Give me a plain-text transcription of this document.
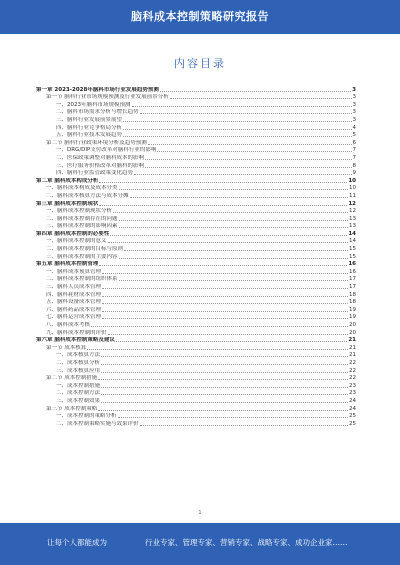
脑科成本控制策略研究报告
内容目录
第一章 2023-2028年脑科市场行业发展趋势预测	3
第一节 脑科行业市场规模预测及行业发展前景分析	3
一、2023年脑科市场规模预测	3
二、脑科市场需求分析与增长趋势	3
三、脑科行业发展前景展望	3
四、脑科行业竞争格局分析	4
五、脑科行业技术发展趋势	5
第二节 脑科行业政策环境分析及趋势预测	6
一、DRG/DIP支付改革对脑科行业的影响	7
二、医保政策调整对脑科成本的影响	7
三、医疗服务价格改革对脑科的影响	8
四、脑科行业监管政策变化趋势	9
第二章 脑科成本构成分析	10
一、脑科成本构成及成本分类	10
二、脑科成本核算方法与成本分摊	11
第三章 脑科成本控制现状	12
一、脑科成本控制现状分析	12
二、脑科成本控制存在的问题	13
三、脑科成本控制的影响因素	13
第四章 脑科成本控制的必要性	14
一、脑科成本控制的意义	14
二、脑科成本控制的目标与原则	15
三、脑科成本控制的主要内容	15
第五章 脑科成本控制管理	16
一、脑科成本预算管理	16
二、脑科成本控制的组织体系	17
三、脑科人员成本管理	17
四、脑科耗材成本管理	18
五、脑科设备成本管理	18
六、脑科药品成本管理	19
七、脑科运营成本管理	19
八、脑科成本考核	20
九、脑科成本控制的评价	20
第六章 脑科成本控制策略及建议	21
第一节 成本核算	21
一、成本核算方法	21
二、成本核算分析	22
三、成本核算应用	22
第二节 成本控制措施	22
一、成本控制措施	23
二、成本控制方法	23
三、成本控制效果	24
第三节 成本控制策略	24
一、成本控制的策略分析	25
二、成本控制策略实施与效果评价	25
1
让每个人都能成为	行业专家、管理专家、营销专家、战略专家、成功企业家……
